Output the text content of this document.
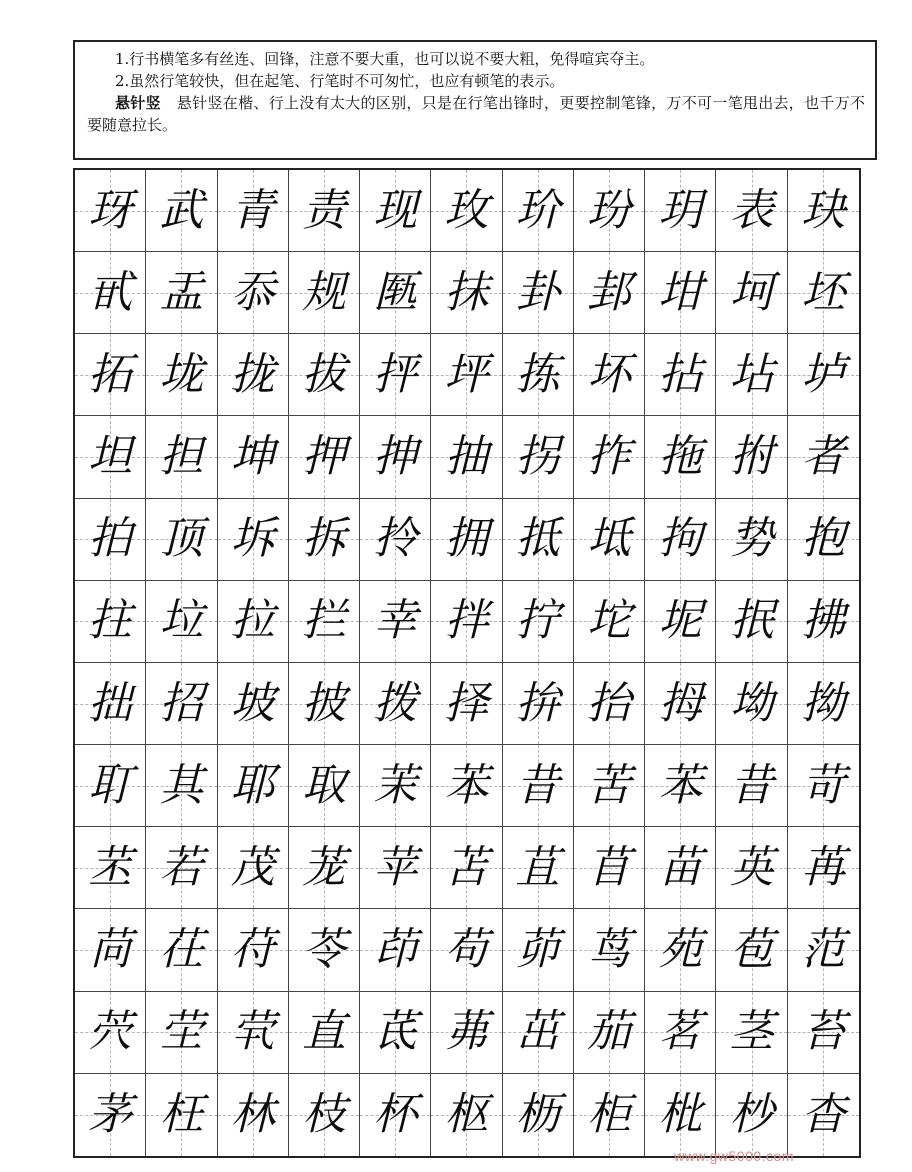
1.行书横笔多有丝连、回锋，注意不要大重，也可以说不要大粗，免得喧宾夺主。

2.虽然行笔较快，但在起笔、行笔时不可匆忙，也应有顿笔的表示。

悬针竖 悬针竖在楷、行上没有太大的区别，只是在行笔出锋时，更要控制笔锋，万不可一笔甩出去，也千万不要随意拉长。

玡 武 青 责 现 玫 玠 玢 玥 表 玦
甙 盂 忝 规 匦 抹 卦 邽 坩 坷 坯
拓 垅 拢 拔 抨 坪 拣 坏 拈 坫 垆
坦 担 坤 押 抻 抽 拐 拃 拖 拊 者
拍 顶 坼 拆 拎 拥 抵 坻 拘 势 抱
拄 垃 拉 拦 幸 拌 拧 坨 坭 抿 拂
拙 招 坡 披 拨 择 拚 抬 拇 坳 拗
耵 其 耶 取 茉 苯 昔 苦 苯 昔 苛
苤 若 茂 茏 苹 苫 苴 苜 苗 英 苒
苘 茌 苻 苓 茚 苟 茆 茑 苑 苞 范
茓 茔 茕 直 茋 茀 茁 茄 茗 茎 苔
茅 枉 林 枝 杯 枢 枥 柜 枇 杪 杳
www.gw5000.com
